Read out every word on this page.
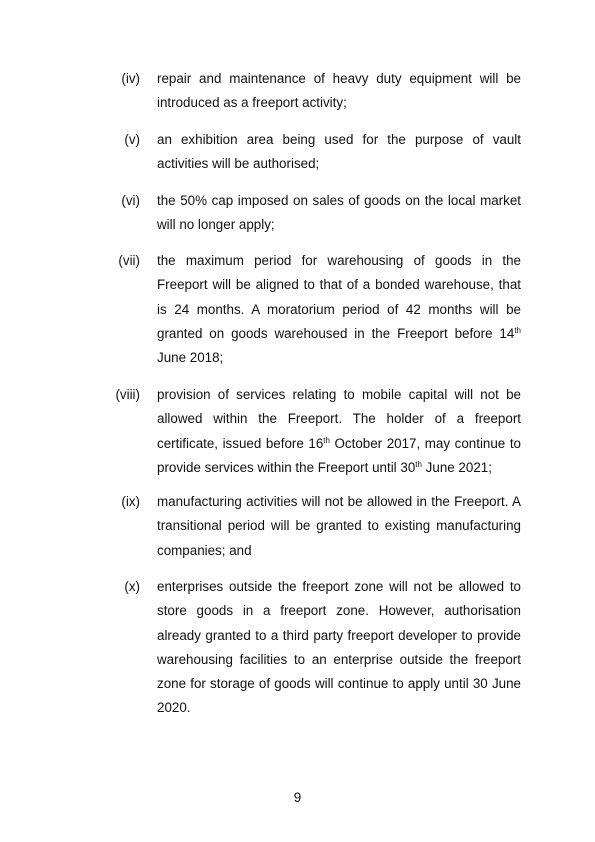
(iv) repair and maintenance of heavy duty equipment will be introduced as a freeport activity;

(v) an exhibition area being used for the purpose of vault activities will be authorised;

(vi) the 50% cap imposed on sales of goods on the local market will no longer apply;

(vii) the maximum period for warehousing of goods in the Freeport will be aligned to that of a bonded warehouse, that is 24 months. A moratorium period of 42 months will be granted on goods warehoused in the Freeport before 14th June 2018;

(viii) provision of services relating to mobile capital will not be allowed within the Freeport. The holder of a freeport certificate, issued before 16th October 2017, may continue to provide services within the Freeport until 30th June 2021;

(ix) manufacturing activities will not be allowed in the Freeport. A transitional period will be granted to existing manufacturing companies; and

(x) enterprises outside the freeport zone will not be allowed to store goods in a freeport zone. However, authorisation already granted to a third party freeport developer to provide warehousing facilities to an enterprise outside the freeport zone for storage of goods will continue to apply until 30 June 2020.

9
